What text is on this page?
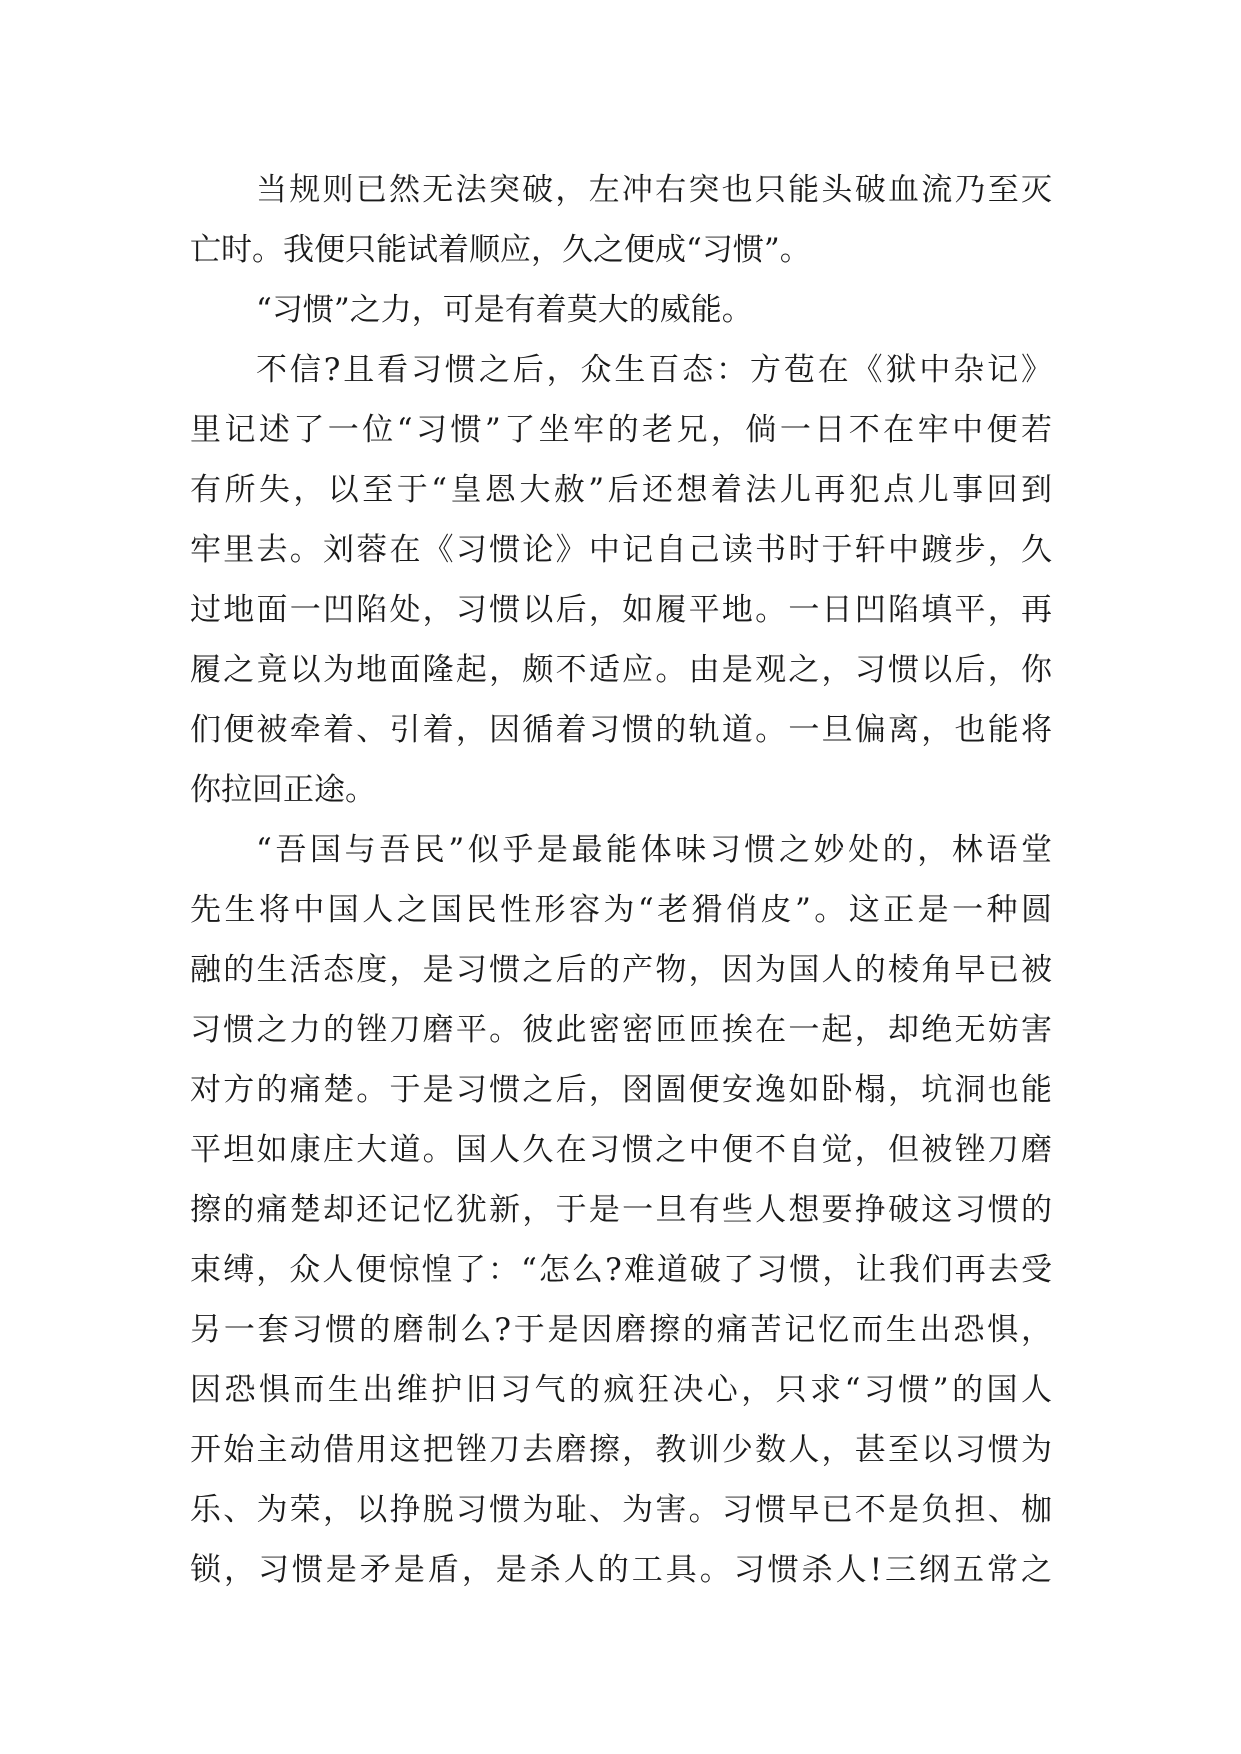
当规则已然无法突破，左冲右突也只能头破血流乃至灭
亡时。我便只能试着顺应，久之便成“习惯”。
“习惯”之力，可是有着莫大的威能。
不信?且看习惯之后，众生百态：方苞在《狱中杂记》
里记述了一位“习惯”了坐牢的老兄，倘一日不在牢中便若
有所失，以至于“皇恩大赦”后还想着法儿再犯点儿事回到
牢里去。刘蓉在《习惯论》中记自己读书时于轩中踱步，久
过地面一凹陷处，习惯以后，如履平地。一日凹陷填平，再
履之竟以为地面隆起，颇不适应。由是观之，习惯以后，你
们便被牵着、引着，因循着习惯的轨道。一旦偏离，也能将
你拉回正途。
“吾国与吾民”似乎是最能体味习惯之妙处的，林语堂
先生将中国人之国民性形容为“老猾俏皮”。这正是一种圆
融的生活态度，是习惯之后的产物，因为国人的棱角早已被
习惯之力的锉刀磨平。彼此密密匝匝挨在一起，却绝无妨害
对方的痛楚。于是习惯之后，囹圄便安逸如卧榻，坑洞也能
平坦如康庄大道。国人久在习惯之中便不自觉，但被锉刀磨
擦的痛楚却还记忆犹新，于是一旦有些人想要挣破这习惯的
束缚，众人便惊惶了：“怎么?难道破了习惯，让我们再去受
另一套习惯的磨制么?于是因磨擦的痛苦记忆而生出恐惧，
因恐惧而生出维护旧习气的疯狂决心，只求“习惯”的国人
开始主动借用这把锉刀去磨擦，教训少数人，甚至以习惯为
乐、为荣，以挣脱习惯为耻、为害。习惯早已不是负担、枷
锁，习惯是矛是盾，是杀人的工具。习惯杀人!三纲五常之
